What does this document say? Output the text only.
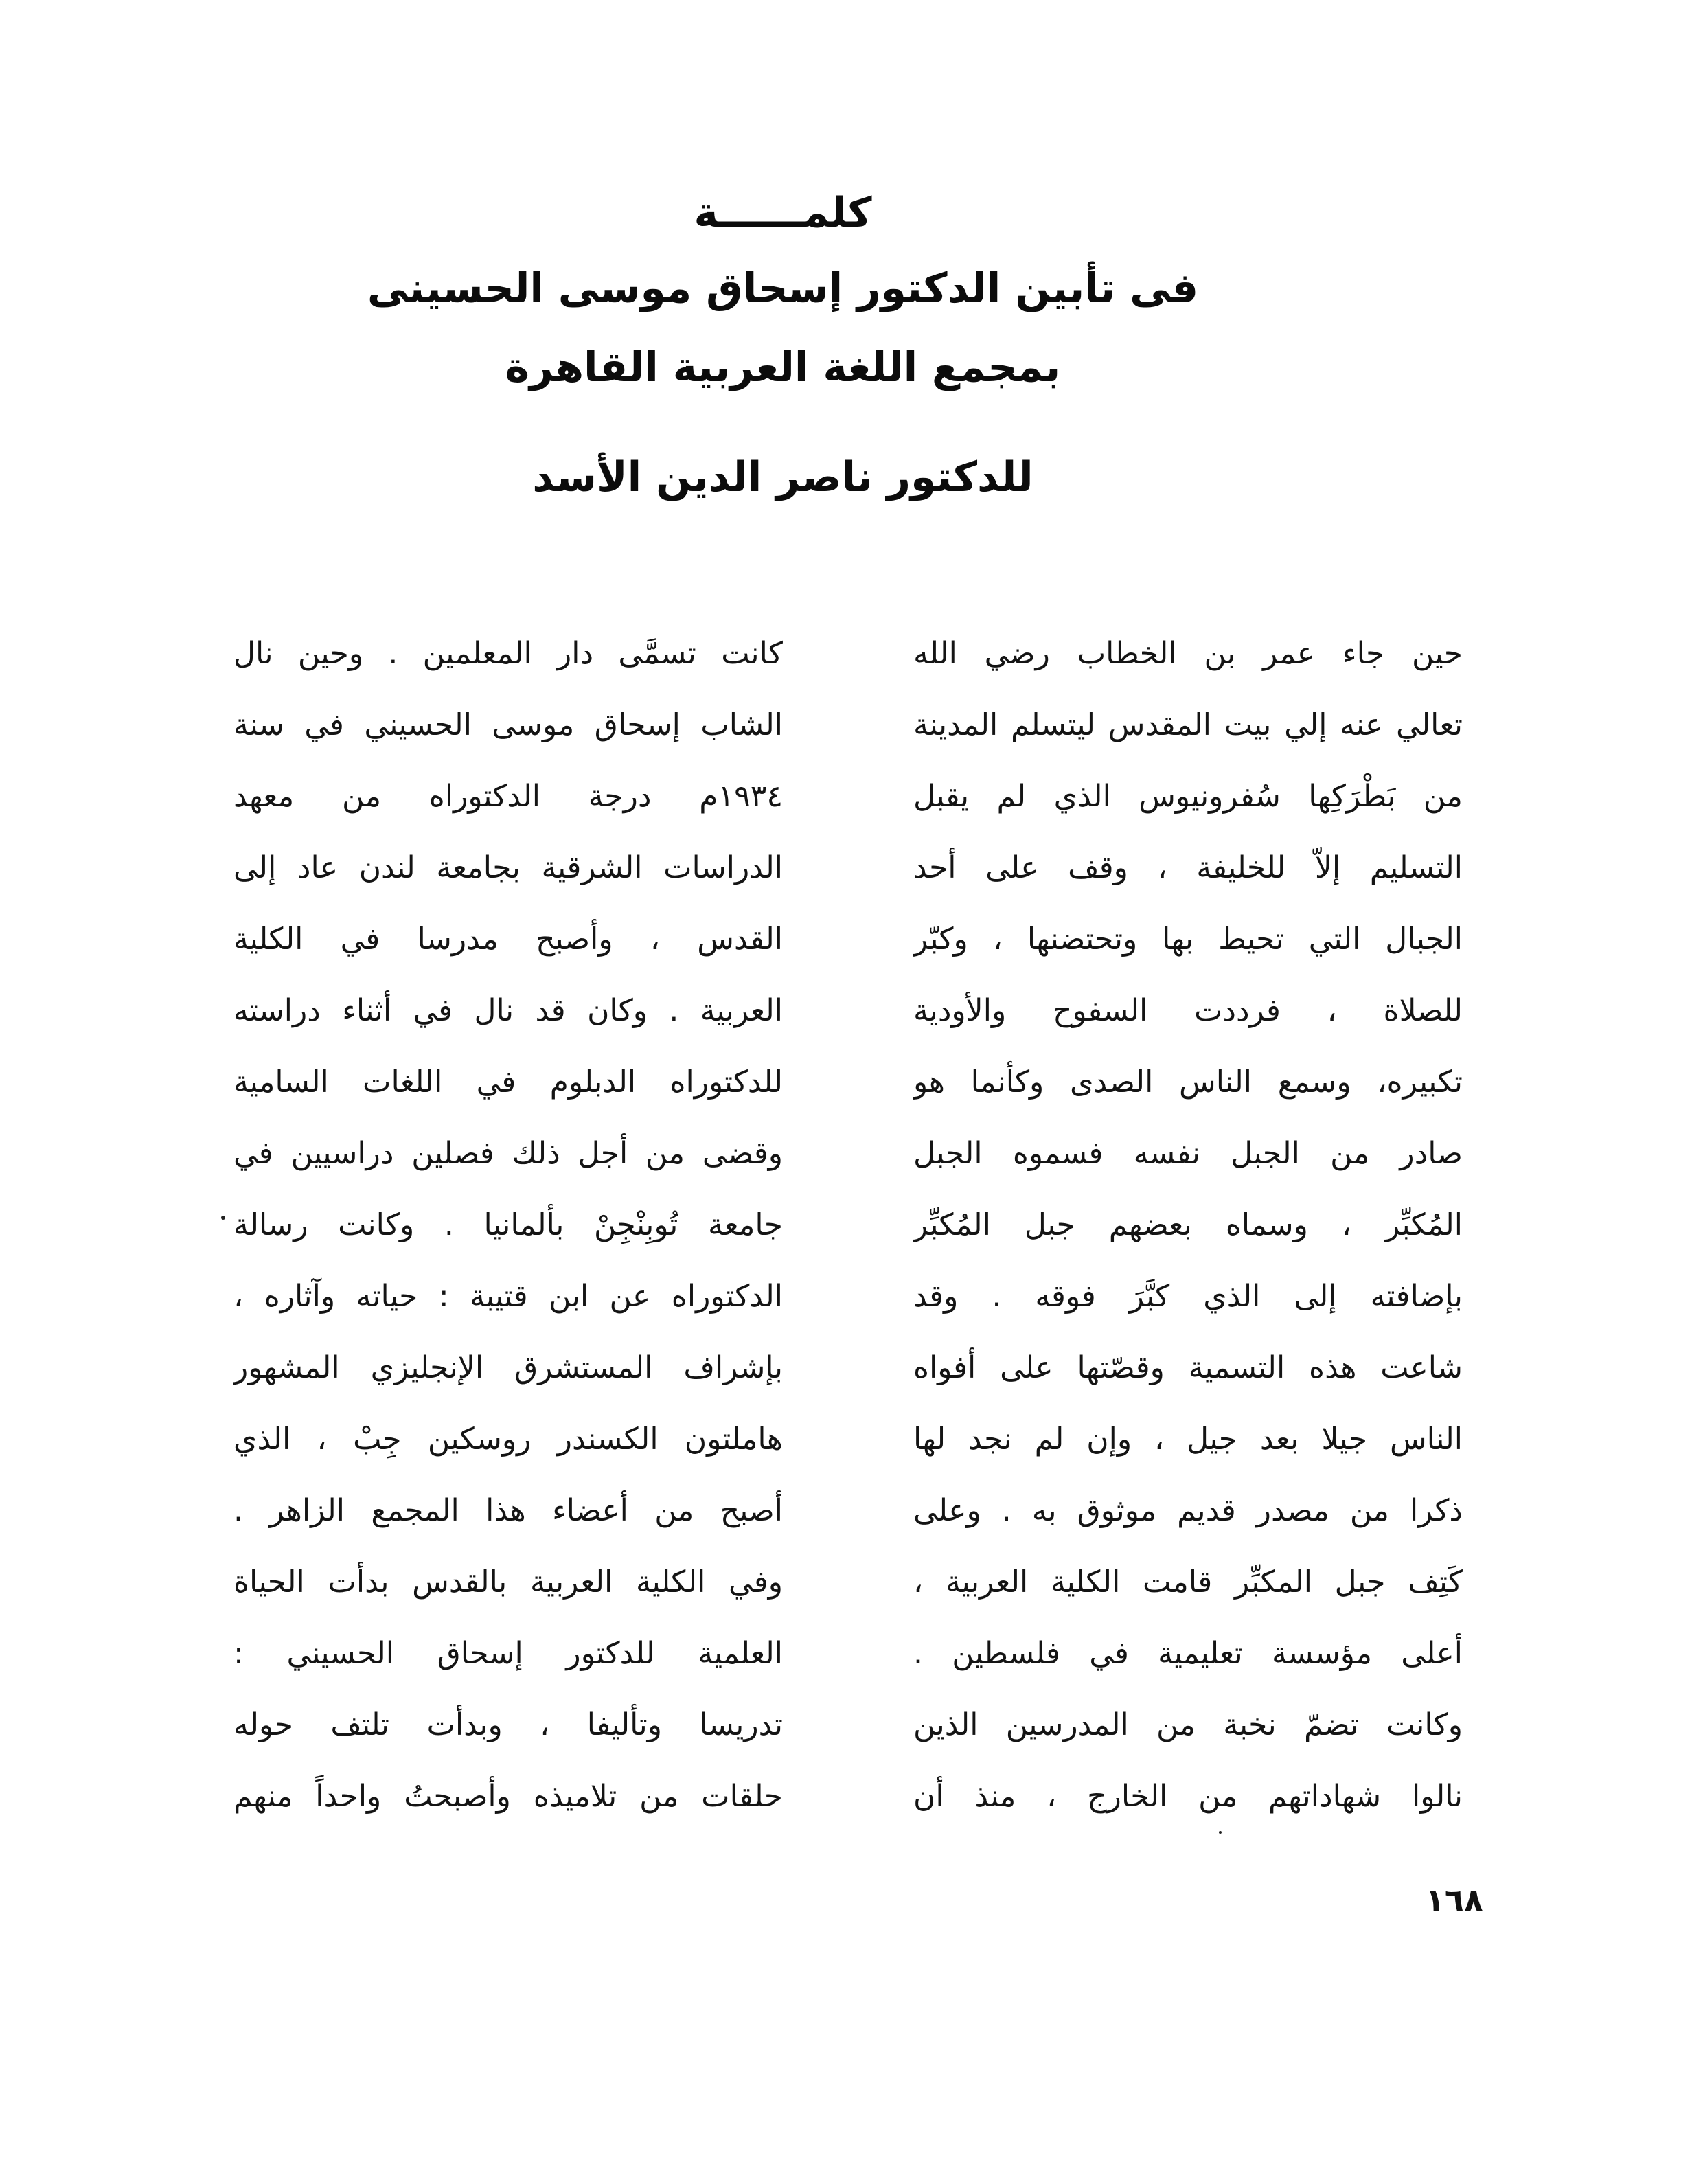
كلمــــــة
فى تأبين الدكتور إسحاق موسى الحسينى
بمجمع اللغة العربية القاهرة
للدكتور ناصر الدين الأسد
حين جاء عمر بن الخطاب رضي الله
تعالي عنه إلي بيت المقدس ليتسلم المدينة
من بَطْرَكِها سُفرونيوس الذي لم يقبل
التسليم إلاّ للخليفة ، وقف على أحد
الجبال التي تحيط بها وتحتضنها ، وكبّر
للصلاة ، فرددت السفوح والأودية
تكبيره، وسمع الناس الصدى وكأنما هو
صادر من الجبل نفسه فسموه الجبل
المُكبِّر ، وسماه بعضهم جبل المُكبِّر
بإضافته إلى الذي كبَّرَ فوقه . وقد
شاعت هذه التسمية وقصّتها على أفواه
الناس جيلا بعد جيل ، وإن لم نجد لها
ذكرا من مصدر قديم موثوق به . وعلى
كَتِف جبل المكبِّر قامت الكلية العربية ،
أعلى مؤسسة تعليمية في فلسطين .
وكانت تضمّ نخبة من المدرسين الذين
نالوا شهاداتهم من الخارج ، منذ أن
كانت تسمَّى دار المعلمين . وحين نال
الشاب إسحاق موسى الحسيني في سنة
١٩٣٤م درجة الدكتوراه من معهد
الدراسات الشرقية بجامعة لندن عاد إلى
القدس ، وأصبح مدرسا في الكلية
العربية . وكان قد نال في أثناء دراسته
للدكتوراه الدبلوم في اللغات السامية
وقضى من أجل ذلك فصلين دراسيين في
جامعة تُوبِنْجِنْ بألمانيا . وكانت رسالة
الدكتوراه عن ابن قتيبة : حياته وآثاره ،
بإشراف المستشرق الإنجليزي المشهور
هاملتون الكسندر روسكين جِبْ ، الذي
أصبح من أعضاء هذا المجمع الزاهر .
وفي الكلية العربية بالقدس بدأت الحياة
العلمية للدكتور إسحاق الحسيني :
تدريسا وتأليفا ، وبدأت تلتف حوله
حلقات من تلاميذه وأصبحتُ واحداً منهم
١٦٨
